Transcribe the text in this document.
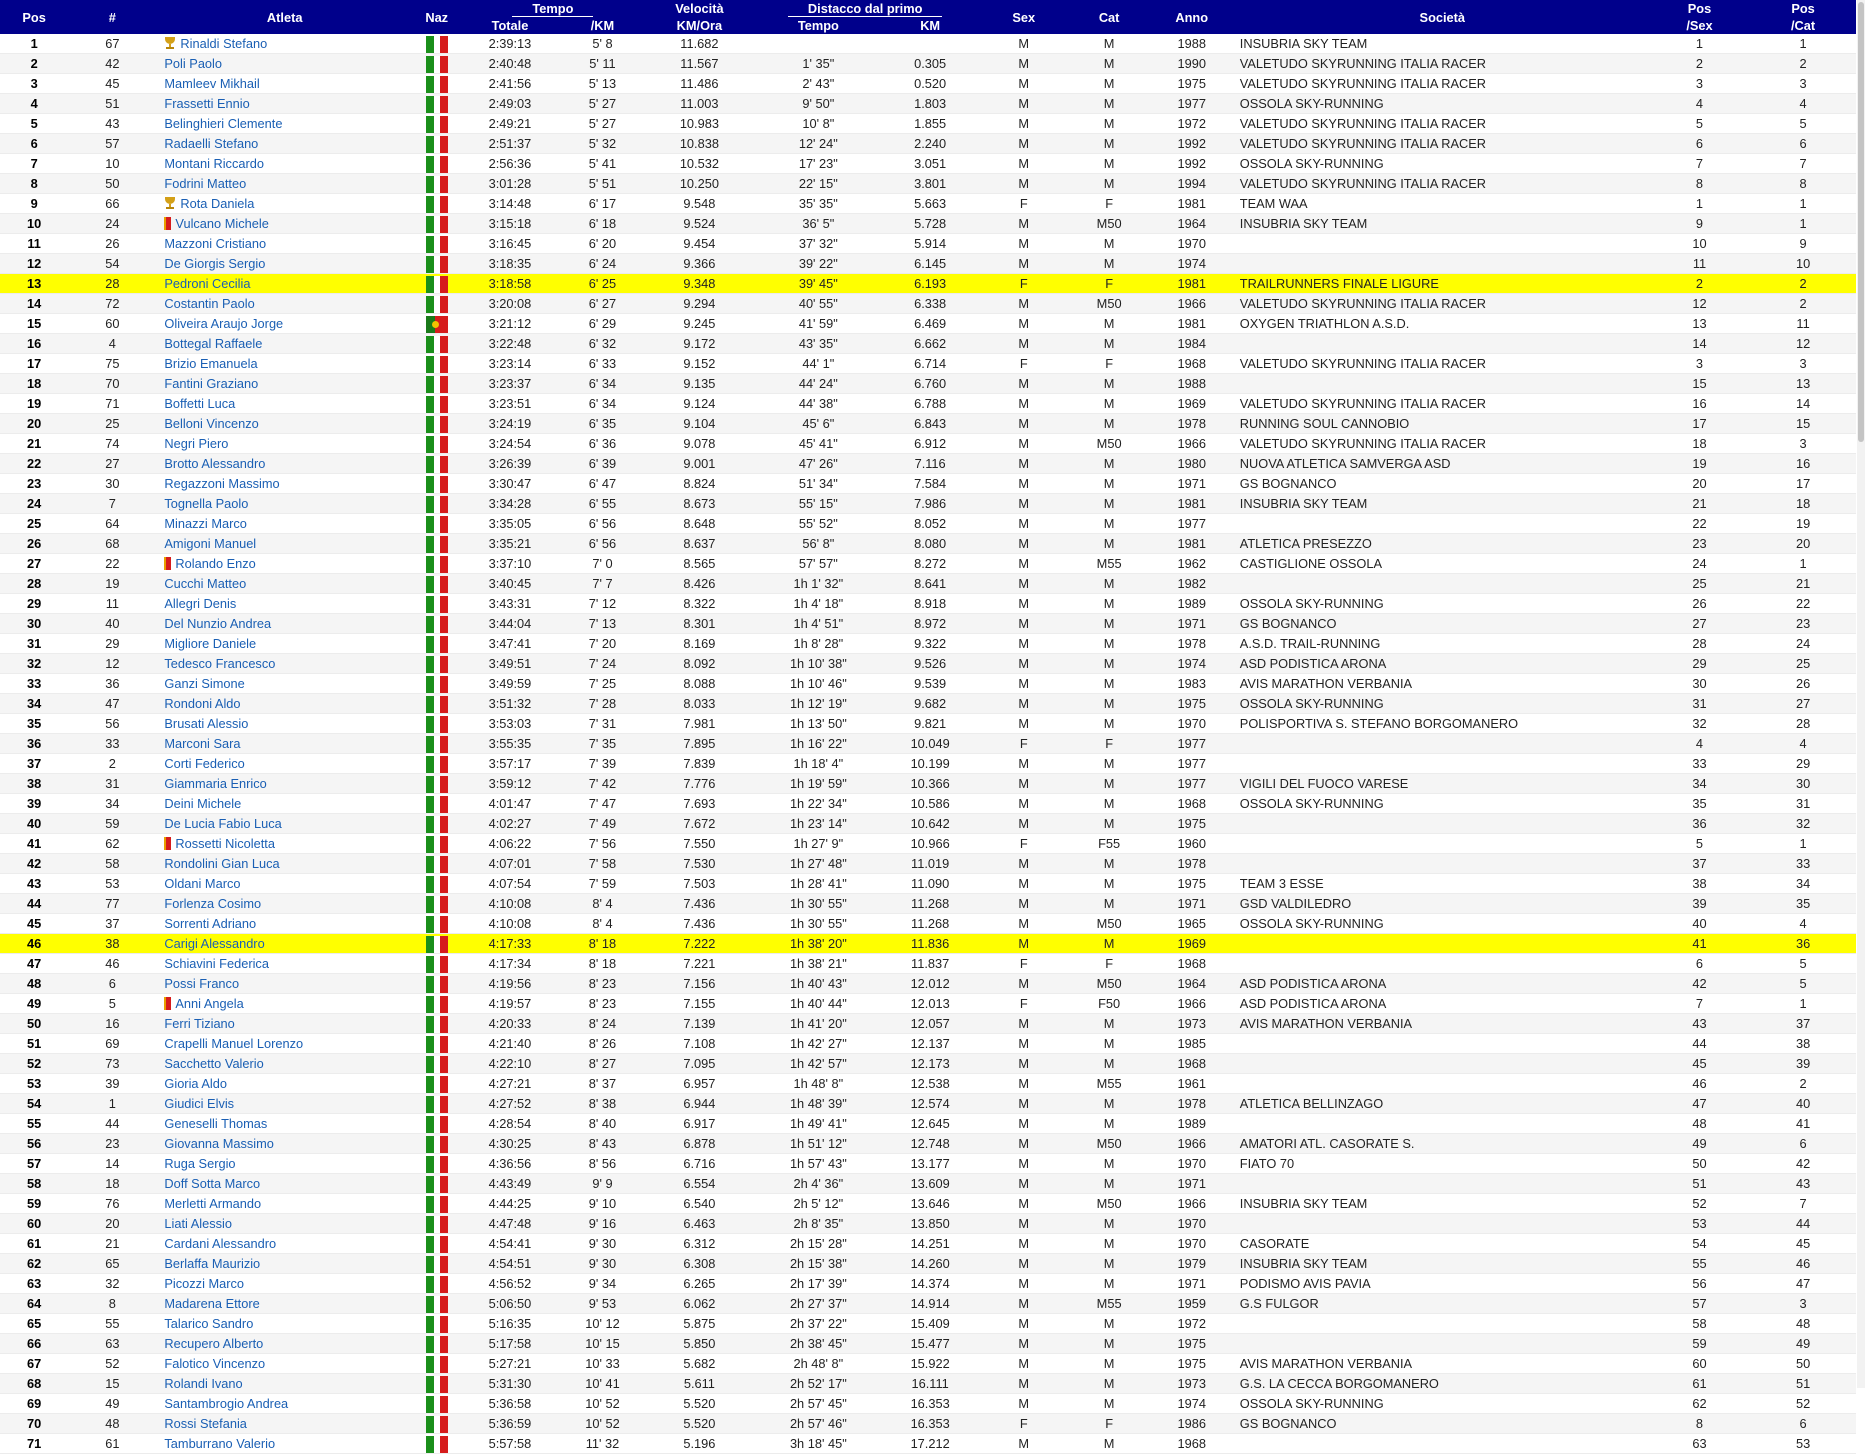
Pos	#	Atleta	Naz	Tempo		Velocità	Distacco dal primo		Sex	Cat	Anno	Società	Pos	Pos
				Totale	/KM	KM/Ora	Tempo	KM					/Sex	/Cat
1	67	Rinaldi Stefano		2:39:13	5' 8	11.682			M	M	1988	INSUBRIA SKY TEAM	1	1
2	42	Poli Paolo		2:40:48	5' 11	11.567	1' 35"	0.305	M	M	1990	VALETUDO SKYRUNNING ITALIA RACER	2	2
3	45	Mamleev Mikhail		2:41:56	5' 13	11.486	2' 43"	0.520	M	M	1975	VALETUDO SKYRUNNING ITALIA RACER	3	3
4	51	Frassetti Ennio		2:49:03	5' 27	11.003	9' 50"	1.803	M	M	1977	OSSOLA SKY-RUNNING	4	4
5	43	Belinghieri Clemente		2:49:21	5' 27	10.983	10' 8"	1.855	M	M	1972	VALETUDO SKYRUNNING ITALIA RACER	5	5
6	57	Radaelli Stefano		2:51:37	5' 32	10.838	12' 24"	2.240	M	M	1992	VALETUDO SKYRUNNING ITALIA RACER	6	6
7	10	Montani Riccardo		2:56:36	5' 41	10.532	17' 23"	3.051	M	M	1992	OSSOLA SKY-RUNNING	7	7
8	50	Fodrini Matteo		3:01:28	5' 51	10.250	22' 15"	3.801	M	M	1994	VALETUDO SKYRUNNING ITALIA RACER	8	8
9	66	Rota Daniela		3:14:48	6' 17	9.548	35' 35"	5.663	F	F	1981	TEAM WAA	1	1
10	24	Vulcano Michele		3:15:18	6' 18	9.524	36' 5"	5.728	M	M50	1964	INSUBRIA SKY TEAM	9	1
11	26	Mazzoni Cristiano		3:16:45	6' 20	9.454	37' 32"	5.914	M	M	1970		10	9
12	54	De Giorgis Sergio		3:18:35	6' 24	9.366	39' 22"	6.145	M	M	1974		11	10
13	28	Pedroni Cecilia		3:18:58	6' 25	9.348	39' 45"	6.193	F	F	1981	TRAILRUNNERS FINALE LIGURE	2	2
14	72	Costantin Paolo		3:20:08	6' 27	9.294	40' 55"	6.338	M	M50	1966	VALETUDO SKYRUNNING ITALIA RACER	12	2
15	60	Oliveira Araujo Jorge		3:21:12	6' 29	9.245	41' 59"	6.469	M	M	1981	OXYGEN TRIATHLON A.S.D.	13	11
16	4	Bottegal Raffaele		3:22:48	6' 32	9.172	43' 35"	6.662	M	M	1984		14	12
17	75	Brizio Emanuela		3:23:14	6' 33	9.152	44' 1"	6.714	F	F	1968	VALETUDO SKYRUNNING ITALIA RACER	3	3
18	70	Fantini Graziano		3:23:37	6' 34	9.135	44' 24"	6.760	M	M	1988		15	13
19	71	Boffetti Luca		3:23:51	6' 34	9.124	44' 38"	6.788	M	M	1969	VALETUDO SKYRUNNING ITALIA RACER	16	14
20	25	Belloni Vincenzo		3:24:19	6' 35	9.104	45' 6"	6.843	M	M	1978	RUNNING SOUL CANNOBIO	17	15
21	74	Negri Piero		3:24:54	6' 36	9.078	45' 41"	6.912	M	M50	1966	VALETUDO SKYRUNNING ITALIA RACER	18	3
22	27	Brotto Alessandro		3:26:39	6' 39	9.001	47' 26"	7.116	M	M	1980	NUOVA ATLETICA SAMVERGA ASD	19	16
23	30	Regazzoni Massimo		3:30:47	6' 47	8.824	51' 34"	7.584	M	M	1971	GS BOGNANCO	20	17
24	7	Tognella Paolo		3:34:28	6' 55	8.673	55' 15"	7.986	M	M	1981	INSUBRIA SKY TEAM	21	18
25	64	Minazzi Marco		3:35:05	6' 56	8.648	55' 52"	8.052	M	M	1977		22	19
26	68	Amigoni Manuel		3:35:21	6' 56	8.637	56' 8"	8.080	M	M	1981	ATLETICA PRESEZZO	23	20
27	22	Rolando Enzo		3:37:10	7' 0	8.565	57' 57"	8.272	M	M55	1962	CASTIGLIONE OSSOLA	24	1
28	19	Cucchi Matteo		3:40:45	7' 7	8.426	1h 1' 32"	8.641	M	M	1982		25	21
29	11	Allegri Denis		3:43:31	7' 12	8.322	1h 4' 18"	8.918	M	M	1989	OSSOLA SKY-RUNNING	26	22
30	40	Del Nunzio Andrea		3:44:04	7' 13	8.301	1h 4' 51"	8.972	M	M	1971	GS BOGNANCO	27	23
31	29	Migliore Daniele		3:47:41	7' 20	8.169	1h 8' 28"	9.322	M	M	1978	A.S.D. TRAIL-RUNNING	28	24
32	12	Tedesco Francesco		3:49:51	7' 24	8.092	1h 10' 38"	9.526	M	M	1974	ASD PODISTICA ARONA	29	25
33	36	Ganzi Simone		3:49:59	7' 25	8.088	1h 10' 46"	9.539	M	M	1983	AVIS MARATHON VERBANIA	30	26
34	47	Rondoni Aldo		3:51:32	7' 28	8.033	1h 12' 19"	9.682	M	M	1975	OSSOLA SKY-RUNNING	31	27
35	56	Brusati Alessio		3:53:03	7' 31	7.981	1h 13' 50"	9.821	M	M	1970	POLISPORTIVA S. STEFANO BORGOMANERO	32	28
36	33	Marconi Sara		3:55:35	7' 35	7.895	1h 16' 22"	10.049	F	F	1977		4	4
37	2	Corti Federico		3:57:17	7' 39	7.839	1h 18' 4"	10.199	M	M	1977		33	29
38	31	Giammaria Enrico		3:59:12	7' 42	7.776	1h 19' 59"	10.366	M	M	1977	VIGILI DEL FUOCO VARESE	34	30
39	34	Deini Michele		4:01:47	7' 47	7.693	1h 22' 34"	10.586	M	M	1968	OSSOLA SKY-RUNNING	35	31
40	59	De Lucia Fabio Luca		4:02:27	7' 49	7.672	1h 23' 14"	10.642	M	M	1975		36	32
41	62	Rossetti Nicoletta		4:06:22	7' 56	7.550	1h 27' 9"	10.966	F	F55	1960		5	1
42	58	Rondolini Gian Luca		4:07:01	7' 58	7.530	1h 27' 48"	11.019	M	M	1978		37	33
43	53	Oldani Marco		4:07:54	7' 59	7.503	1h 28' 41"	11.090	M	M	1975	TEAM 3 ESSE	38	34
44	77	Forlenza Cosimo		4:10:08	8' 4	7.436	1h 30' 55"	11.268	M	M	1971	GSD VALDILEDRO	39	35
45	37	Sorrenti Adriano		4:10:08	8' 4	7.436	1h 30' 55"	11.268	M	M50	1965	OSSOLA SKY-RUNNING	40	4
46	38	Carigi Alessandro		4:17:33	8' 18	7.222	1h 38' 20"	11.836	M	M	1969		41	36
47	46	Schiavini Federica		4:17:34	8' 18	7.221	1h 38' 21"	11.837	F	F	1968		6	5
48	6	Possi Franco		4:19:56	8' 23	7.156	1h 40' 43"	12.012	M	M50	1964	ASD PODISTICA ARONA	42	5
49	5	Anni Angela		4:19:57	8' 23	7.155	1h 40' 44"	12.013	F	F50	1966	ASD PODISTICA ARONA	7	1
50	16	Ferri Tiziano		4:20:33	8' 24	7.139	1h 41' 20"	12.057	M	M	1973	AVIS MARATHON VERBANIA	43	37
51	69	Crapelli Manuel Lorenzo		4:21:40	8' 26	7.108	1h 42' 27"	12.137	M	M	1985		44	38
52	73	Sacchetto Valerio		4:22:10	8' 27	7.095	1h 42' 57"	12.173	M	M	1968		45	39
53	39	Gioria Aldo		4:27:21	8' 37	6.957	1h 48' 8"	12.538	M	M55	1961		46	2
54	1	Giudici Elvis		4:27:52	8' 38	6.944	1h 48' 39"	12.574	M	M	1978	ATLETICA BELLINZAGO	47	40
55	44	Geneselli Thomas		4:28:54	8' 40	6.917	1h 49' 41"	12.645	M	M	1989		48	41
56	23	Giovanna Massimo		4:30:25	8' 43	6.878	1h 51' 12"	12.748	M	M50	1966	AMATORI ATL. CASORATE S.	49	6
57	14	Ruga Sergio		4:36:56	8' 56	6.716	1h 57' 43"	13.177	M	M	1970	FIATO 70	50	42
58	18	Doff Sotta Marco		4:43:49	9' 9	6.554	2h 4' 36"	13.609	M	M	1971		51	43
59	76	Merletti Armando		4:44:25	9' 10	6.540	2h 5' 12"	13.646	M	M50	1966	INSUBRIA SKY TEAM	52	7
60	20	Liati Alessio		4:47:48	9' 16	6.463	2h 8' 35"	13.850	M	M	1970		53	44
61	21	Cardani Alessandro		4:54:41	9' 30	6.312	2h 15' 28"	14.251	M	M	1970	CASORATE	54	45
62	65	Berlaffa Maurizio		4:54:51	9' 30	6.308	2h 15' 38"	14.260	M	M	1979	INSUBRIA SKY TEAM	55	46
63	32	Picozzi Marco		4:56:52	9' 34	6.265	2h 17' 39"	14.374	M	M	1971	PODISMO AVIS PAVIA	56	47
64	8	Madarena Ettore		5:06:50	9' 53	6.062	2h 27' 37"	14.914	M	M55	1959	G.S FULGOR	57	3
65	55	Talarico Sandro		5:16:35	10' 12	5.875	2h 37' 22"	15.409	M	M	1972		58	48
66	63	Recupero Alberto		5:17:58	10' 15	5.850	2h 38' 45"	15.477	M	M	1975		59	49
67	52	Falotico Vincenzo		5:27:21	10' 33	5.682	2h 48' 8"	15.922	M	M	1975	AVIS MARATHON VERBANIA	60	50
68	15	Rolandi Ivano		5:31:30	10' 41	5.611	2h 52' 17"	16.111	M	M	1973	G.S. LA CECCA BORGOMANERO	61	51
69	49	Santambrogio Andrea		5:36:58	10' 52	5.520	2h 57' 45"	16.353	M	M	1974	OSSOLA SKY-RUNNING	62	52
70	48	Rossi Stefania		5:36:59	10' 52	5.520	2h 57' 46"	16.353	F	F	1986	GS BOGNANCO	8	6
71	61	Tamburrano Valerio		5:57:58	11' 32	5.196	3h 18' 45"	17.212	M	M	1968		63	53
